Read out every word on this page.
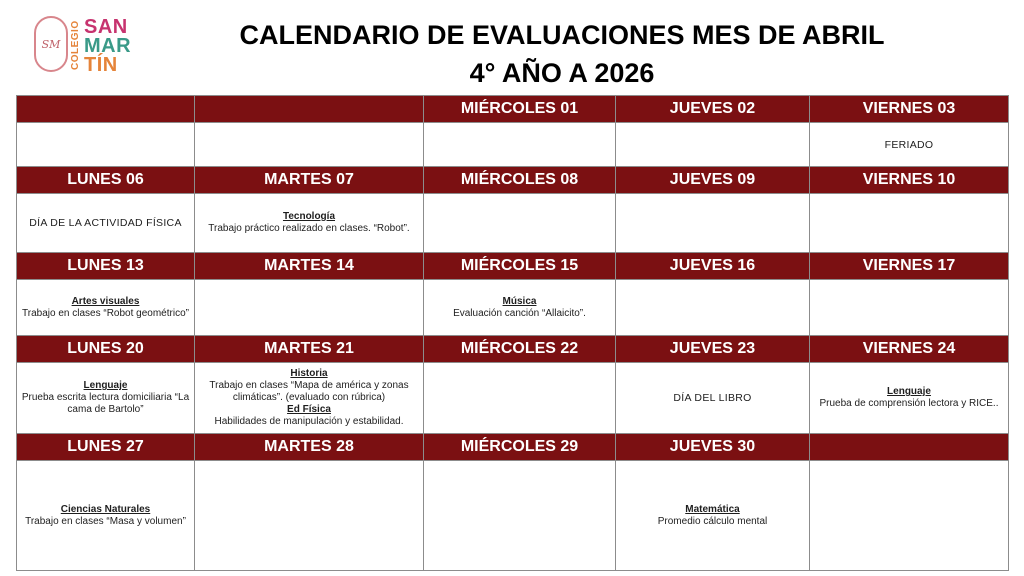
SM COLEGIO SAN
MAR
TÍN
CALENDARIO DE EVALUACIONES MES DE ABRIL
4° AÑO A 2026
		MIÉRCOLES 01	JUEVES 02	VIERNES 03

				FERIADO

LUNES 06	MARTES 07	MIÉRCOLES 08	JUEVES 09	VIERNES 10

DÍA DE LA ACTIVIDAD FÍSICA	Tecnología
Trabajo práctico realizado en clases. “Robot”.			

LUNES 13	MARTES 14	MIÉRCOLES 15	JUEVES 16	VIERNES 17

Artes visuales
Trabajo en clases “Robot geométrico”		Música
Evaluación canción “Allaicito”.		

LUNES 20	MARTES 21	MIÉRCOLES 22	JUEVES 23	VIERNES 24

Lenguaje
Prueba escrita lectura domiciliaria “La cama de Bartolo”	Historia
Trabajo en clases “Mapa de américa y zonas climáticas”. (evaluado con rúbrica)
Ed Física
Habilidades de manipulación y estabilidad.		DÍA DEL LIBRO	Lenguaje
Prueba de comprensión lectora y RICE..

LUNES 27	MARTES 28	MIÉRCOLES 29	JUEVES 30	

Ciencias Naturales
Trabajo en clases “Masa y volumen”			Matemática
Promedio cálculo mental	
